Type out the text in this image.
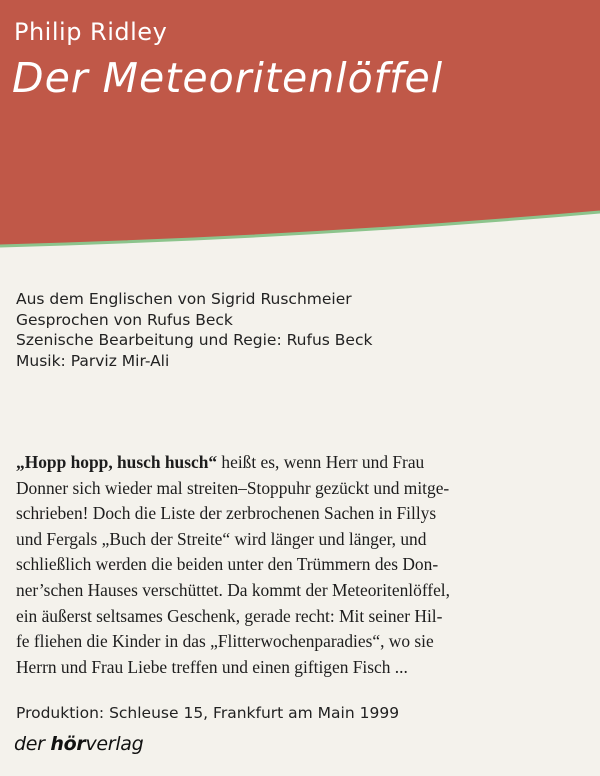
Philip Ridley
Der Meteoritenlöffel
Aus dem Englischen von Sigrid Ruschmeier
Gesprochen von Rufus Beck
Szenische Bearbeitung und Regie: Rufus Beck
Musik: Parviz Mir-Ali
„Hopp hopp, husch husch“ heißt es, wenn Herr und Frau
Donner sich wieder mal streiten–Stoppuhr gezückt und mitge-
schrieben! Doch die Liste der zerbrochenen Sachen in Fillys
und Fergals „Buch der Streite“ wird länger und länger, und
schließlich werden die beiden unter den Trümmern des Don-
ner’schen Hauses verschüttet. Da kommt der Meteoritenlöffel,
ein äußerst seltsames Geschenk, gerade recht: Mit seiner Hil-
fe fliehen die Kinder in das „Flitterwochenparadies“, wo sie
Herrn und Frau Liebe treffen und einen giftigen Fisch ...
Produktion: Schleuse 15, Frankfurt am Main 1999
der hörverlag
